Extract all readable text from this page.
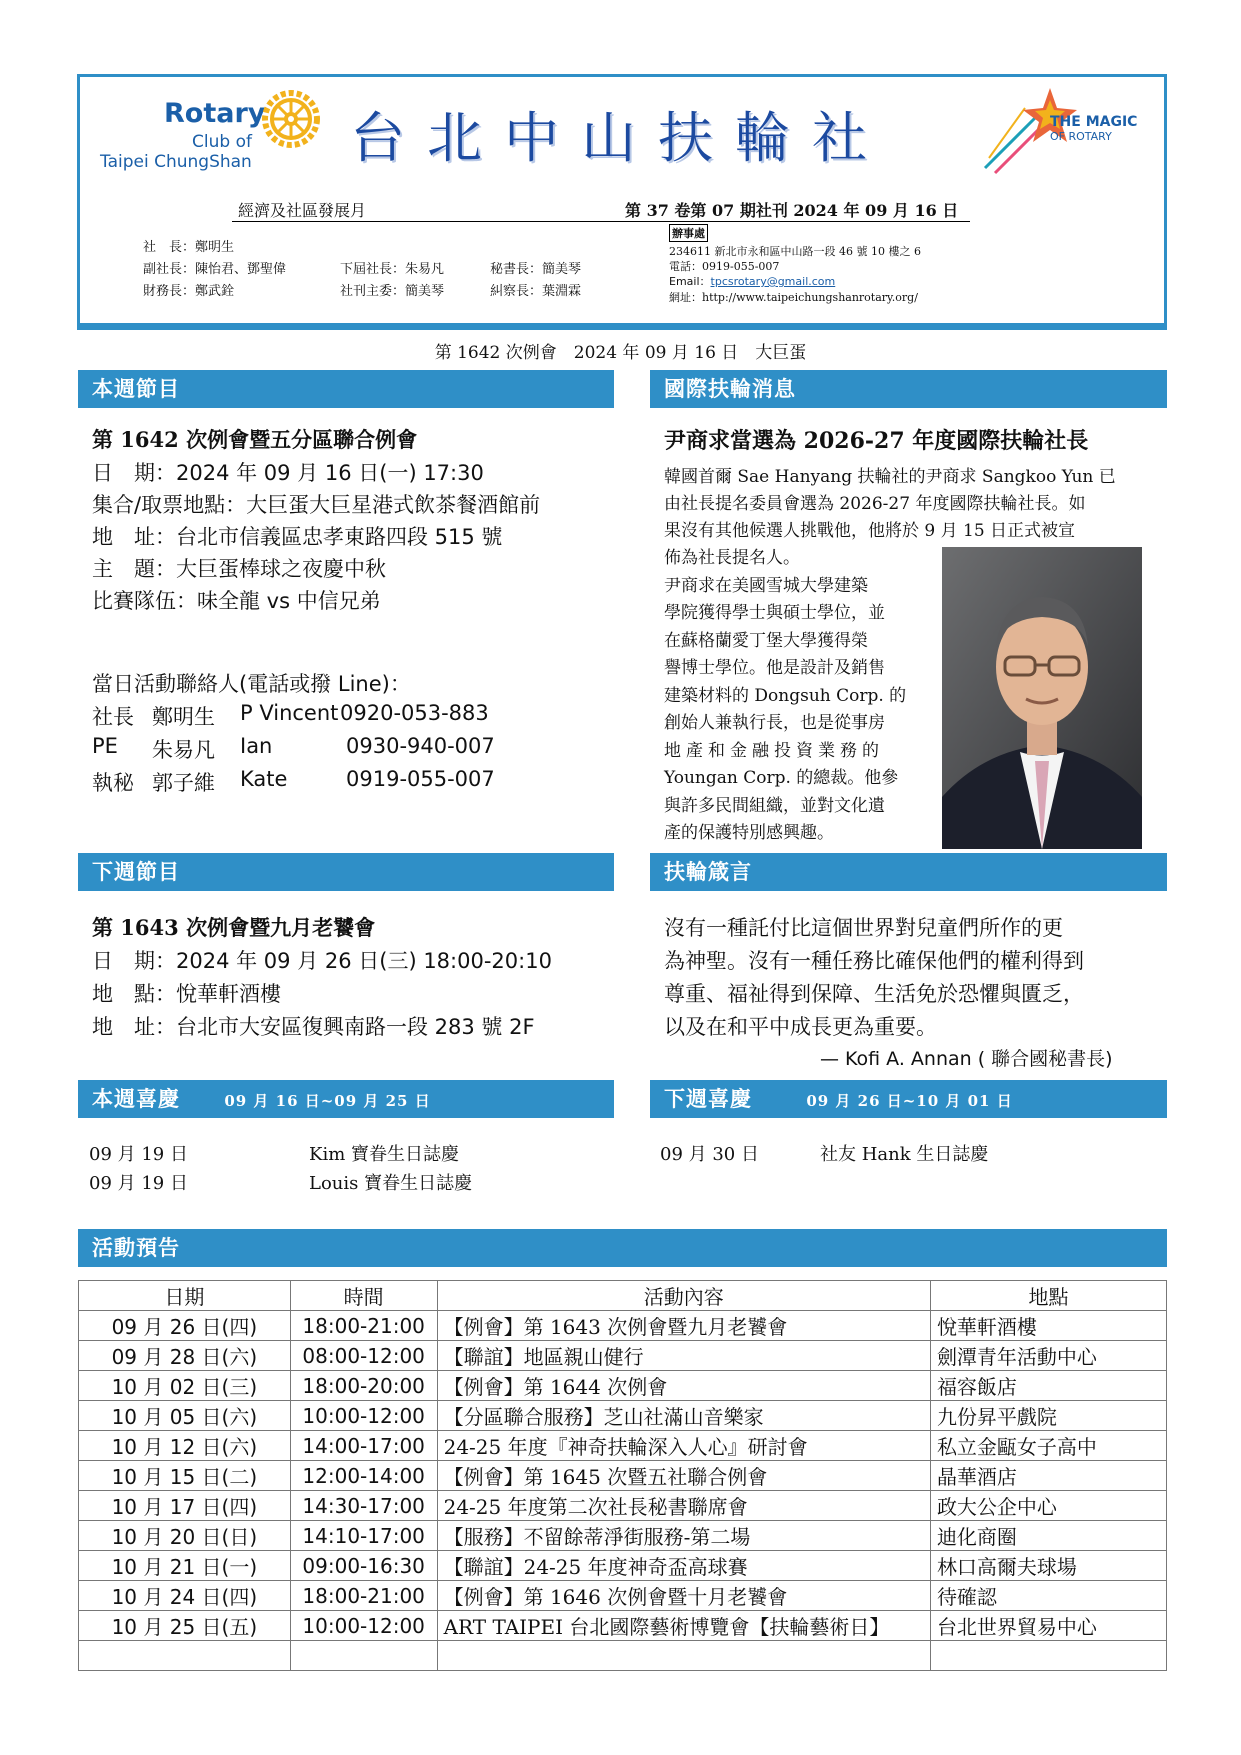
Rotary
Club of
Taipei ChungShan 台北中山扶輪社	THE MAGIC
OF ROTARY
經濟及社區發展月	第 37 卷第 07 期社刊 2024 年 09 月 16 日
社　長：鄭明生
副社長：陳怡君、鄧聖偉	下屆社長：朱易凡	秘書長：簡美琴
財務長：鄭武銓	社刊主委：簡美琴	糾察長：葉淵霖
辦事處
234611 新北市永和區中山路一段 46 號 10 樓之 6
電話：0919-055-007
Email：tpcsrotary@gmail.com
網址：http://www.taipeichungshanrotary.org/
第 1642 次例會　2024 年 09 月 16 日　大巨蛋
本週節目
第 1642 次例會暨五分區聯合例會
日　期：2024 年 09 月 16 日(一) 17:30
集合/取票地點：大巨蛋大巨星港式飲茶餐酒館前
地　址：台北市信義區忠孝東路四段 515 號
主　題：大巨蛋棒球之夜慶中秋
比賽隊伍：味全龍 vs 中信兄弟
當日活動聯絡人(電話或撥 Line)：
社長 鄭明生 P Vincent 0920-053-883
PE 朱易凡 Ian	0930-940-007
執秘 郭子維 Kate	0919-055-007
國際扶輪消息
尹商求當選為 2026-27 年度國際扶輪社長
韓國首爾 Sae Hanyang 扶輪社的尹商求 Sangkoo Yun 已
由社長提名委員會選為 2026-27 年度國際扶輪社長。如
果沒有其他候選人挑戰他，他將於 9 月 15 日正式被宣
佈為社長提名人。
尹商求在美國雪城大學建築
學院獲得學士與碩士學位，並
在蘇格蘭愛丁堡大學獲得榮
譽博士學位。他是設計及銷售
建築材料的 Dongsuh Corp. 的
創始人兼執行長，也是從事房
地產和金融投資業務的
Youngan Corp. 的總裁。他參
與許多民間組織，並對文化遺
產的保護特別感興趣。
下週節目
第 1643 次例會暨九月老饕會
日　期：2024 年 09 月 26 日(三) 18:00-20:10
地　點：悅華軒酒樓
地　址：台北市大安區復興南路一段 283 號 2F
扶輪箴言
沒有一種託付比這個世界對兒童們所作的更
為神聖。沒有一種任務比確保他們的權利得到
尊重、福祉得到保障、生活免於恐懼與匱乏，
以及在和平中成長更為重要。
— Kofi A. Annan ( 聯合國秘書長)
本週喜慶	09 月 16 日~09 月 25 日
09 月 19 日	Kim 寶眷生日誌慶
09 月 19 日	Louis 寶眷生日誌慶
下週喜慶	09 月 26 日~10 月 01 日
09 月 30 日	社友 Hank 生日誌慶
活動預告
日期	時間	活動內容	地點
09 月 26 日(四)	18:00-21:00	【例會】第 1643 次例會暨九月老饕會	悅華軒酒樓
09 月 28 日(六)	08:00-12:00	【聯誼】地區親山健行	劍潭青年活動中心
10 月 02 日(三)	18:00-20:00	【例會】第 1644 次例會	福容飯店
10 月 05 日(六)	10:00-12:00	【分區聯合服務】芝山社滿山音樂家	九份昇平戲院
10 月 12 日(六)	14:00-17:00	24-25 年度『神奇扶輪深入人心』研討會	私立金甌女子高中
10 月 15 日(二)	12:00-14:00	【例會】第 1645 次暨五社聯合例會	晶華酒店
10 月 17 日(四)	14:30-17:00	24-25 年度第二次社長秘書聯席會	政大公企中心
10 月 20 日(日)	14:10-17:00	【服務】不留餘蒂淨街服務-第二場	迪化商圈
10 月 21 日(一)	09:00-16:30	【聯誼】24-25 年度神奇盃高球賽	林口高爾夫球場
10 月 24 日(四)	18:00-21:00	【例會】第 1646 次例會暨十月老饕會	待確認
10 月 25 日(五)	10:00-12:00	ART TAIPEI 台北國際藝術博覽會【扶輪藝術日】	台北世界貿易中心
